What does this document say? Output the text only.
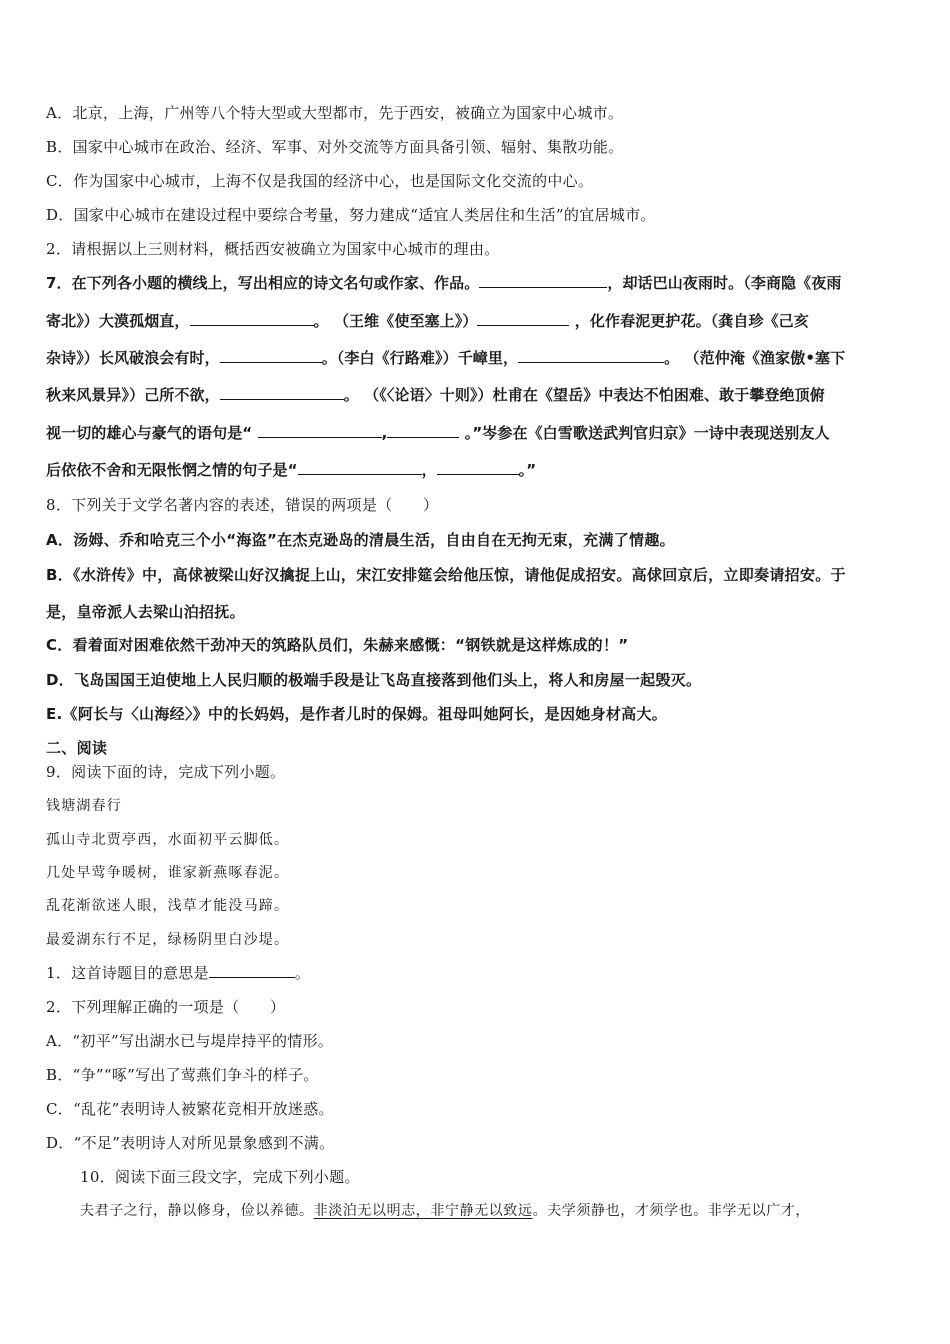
A．北京，上海，广州等八个特大型或大型都市，先于西安，被确立为国家中心城市。
B．国家中心城市在政治、经济、军事、对外交流等方面具备引领、辐射、集散功能。
C．作为国家中心城市，上海不仅是我国的经济中心，也是国际文化交流的中心。
D．国家中心城市在建设过程中要综合考量，努力建成“适宜人类居住和生活”的宜居城市。
2．请根据以上三则材料，概括西安被确立为国家中心城市的理由。
7．在下列各小题的横线上，写出相应的诗文名句或作家、作品。	，却话巴山夜雨时。（李商隐《夜雨
寄北》）大漠孤烟直，	。 （王维《使至塞上》）	，化作春泥更护花。（龚自珍《己亥
杂诗》）长风破浪会有时，	。（李白《行路难》）千嶂里，	。 （范仲淹《渔家傲•塞下
秋来风景异》）己所不欲，	。 （《〈论语〉十则》）杜甫在《望岳》中表达不怕困难、敢于攀登绝顶俯
视一切的雄心与豪气的语句是“	,	。”岑参在《白雪歌送武判官归京》一诗中表现送别友人
后依依不舍和无限怅惘之情的句子是“	，	。”
8．下列关于文学名著内容的表述，错误的两项是（　　）
A．汤姆、乔和哈克三个小“海盗”在杰克逊岛的清晨生活，自由自在无拘无束，充满了情趣。
B．《水浒传》中，高俅被梁山好汉擒捉上山，宋江安排筵会给他压惊，请他促成招安。高俅回京后，立即奏请招安。于
是，皇帝派人去梁山泊招抚。
C．看着面对困难依然干劲冲天的筑路队员们，朱赫来感慨：“钢铁就是这样炼成的！”
D．飞岛国国王迫使地上人民归顺的极端手段是让飞岛直接落到他们头上，将人和房屋一起毁灭。
E.《阿长与〈山海经〉》中的长妈妈，是作者儿时的保姆。祖母叫她阿长，是因她身材高大。
二、阅读
9．阅读下面的诗，完成下列小题。
钱塘湖春行
孤山寺北贾亭西，水面初平云脚低。
几处早莺争暖树，谁家新燕啄春泥。
乱花渐欲迷人眼，浅草才能没马蹄。
最爱湖东行不足，绿杨阴里白沙堤。
1．这首诗题目的意思是	。
2．下列理解正确的一项是（　　）
A．“初平”写出湖水已与堤岸持平的情形。
B．“争”“啄”写出了莺燕们争斗的样子。
C．“乱花”表明诗人被繁花竞相开放迷惑。
D．“不足”表明诗人对所见景象感到不满。
10．阅读下面三段文字，完成下列小题。
夫君子之行，静以修身，俭以养德。非淡泊无以明志，非宁静无以致远。夫学须静也，才须学也。非学无以广才，
